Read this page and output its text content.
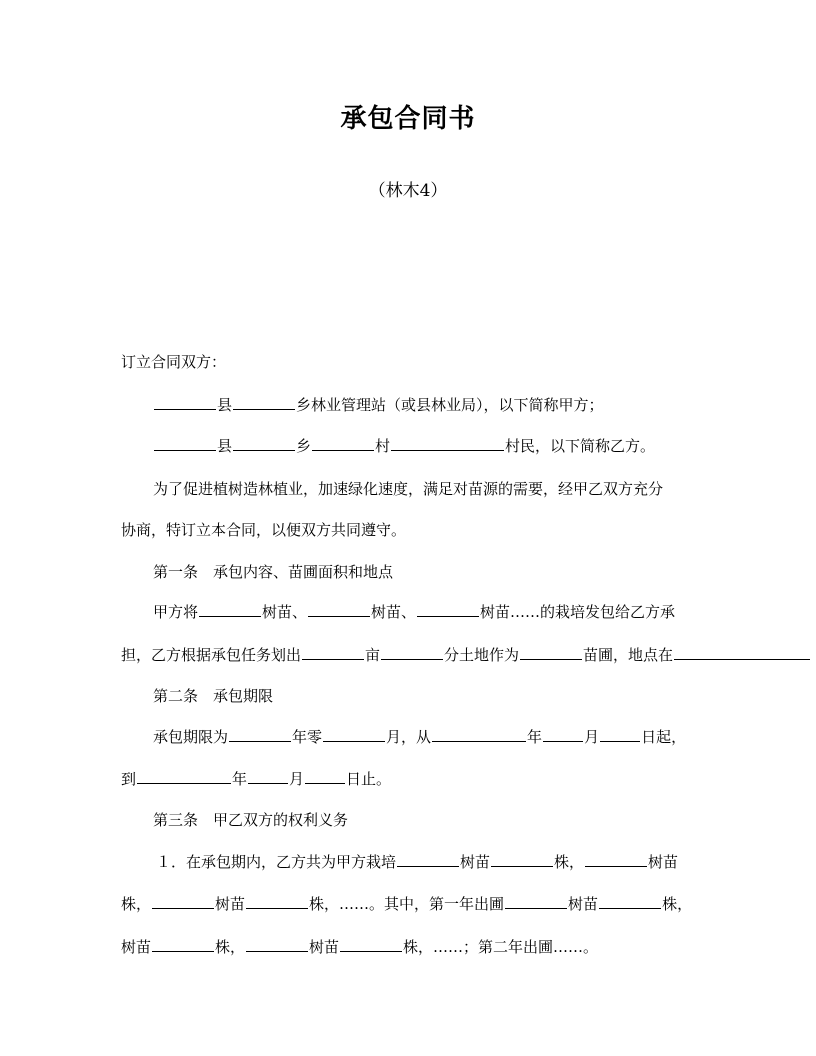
承包合同书
（林木4）
订立合同双方：
县	乡林业管理站（或县林业局），以下简称甲方；
县	乡	村	村民，以下简称乙方。
为了促进植树造林植业，加速绿化速度，满足对苗源的需要，经甲乙双方充分
协商，特订立本合同，以便双方共同遵守。
第一条　承包内容、苗圃面积和地点
甲方将	树苗、	树苗、	树苗……的栽培发包给乙方承
担，乙方根据承包任务划出	亩	分土地作为	苗圃，地点在
第二条　承包期限
承包期限为	年零	月，从	年	月	日起，
到	年	月	日止。
第三条　甲乙双方的权利义务
１．在承包期内，乙方共为甲方栽培	树苗	株，	树苗
株，	树苗	株，……。其中，第一年出圃	树苗	株，
树苗	株，	树苗	株，……；第二年出圃……。
